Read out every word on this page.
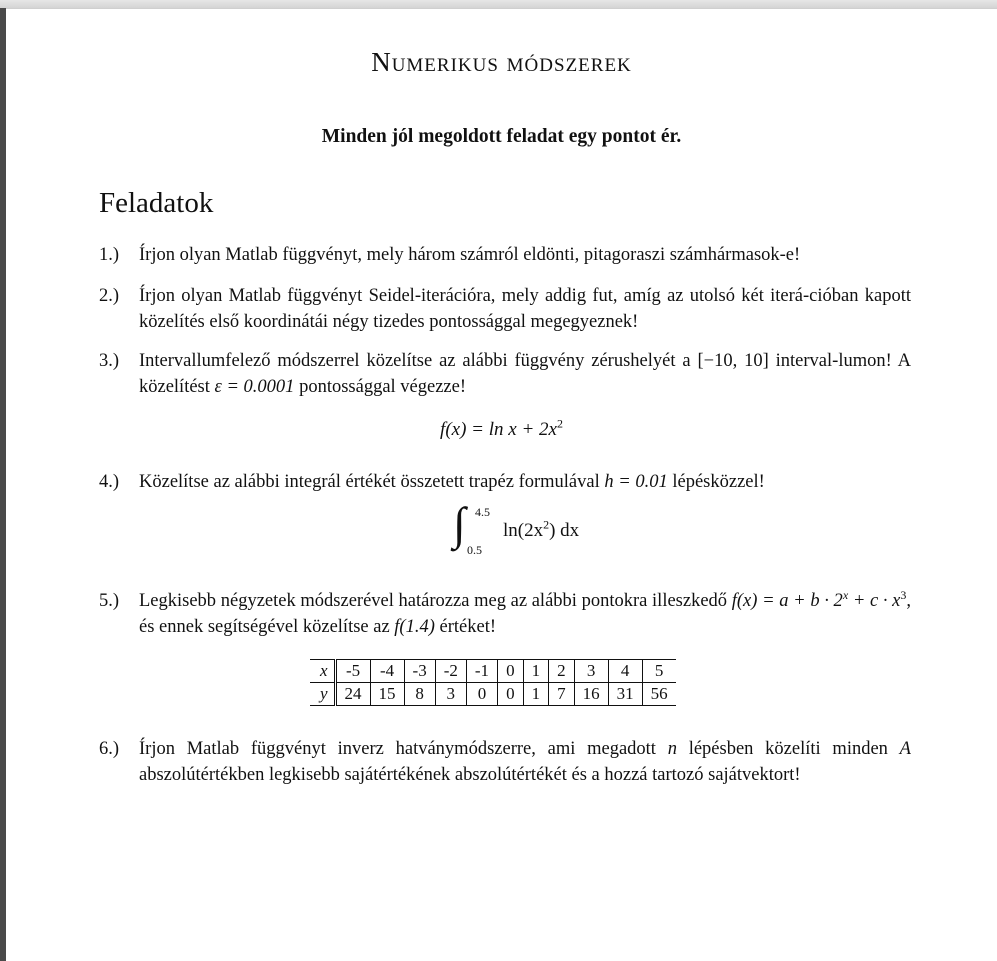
Numerikus módszerek
Minden jól megoldott feladat egy pontot ér.
Feladatok
1.) Írjon olyan Matlab függvényt, mely három számról eldönti, pitagoraszi számhármasok-e!
2.) Írjon olyan Matlab függvényt Seidel-iterációra, mely addig fut, amíg az utolsó két iterá-cióban kapott közelítés első koordinátái négy tizedes pontossággal megegyeznek!
3.) Intervallumfelező módszerrel közelítse az alábbi függvény zérushelyét a [−10, 10] interval-lumon! A közelítést ε = 0.0001 pontossággal végezze!
$f(x) = \ln x + 2x^2$
4.) Közelítse az alábbi integrál értékét összetett trapéz formulával h = 0.01 lépésközzel!
∫ 4.5
0.5
$\ln(2x^2)$ dx
5.) Legkisebb négyzetek módszerével határozza meg az alábbi pontokra illeszkedő $f(x) = a + b \cdot 2^x + c \cdot x^3$, és ennek segítségével közelítse az f(1.4) értéket!
x	-5	-4	-3	-2	-1	0	1	2	3	4	5
y	24	15	8	3	0	0	1	7	16	31	56
6.) Írjon Matlab függvényt inverz hatványmódszerre, ami megadott n lépésben közelíti minden A abszolútértékben legkisebb sajátértékének abszolútértékét és a hozzá tartozó sajátvektort!
